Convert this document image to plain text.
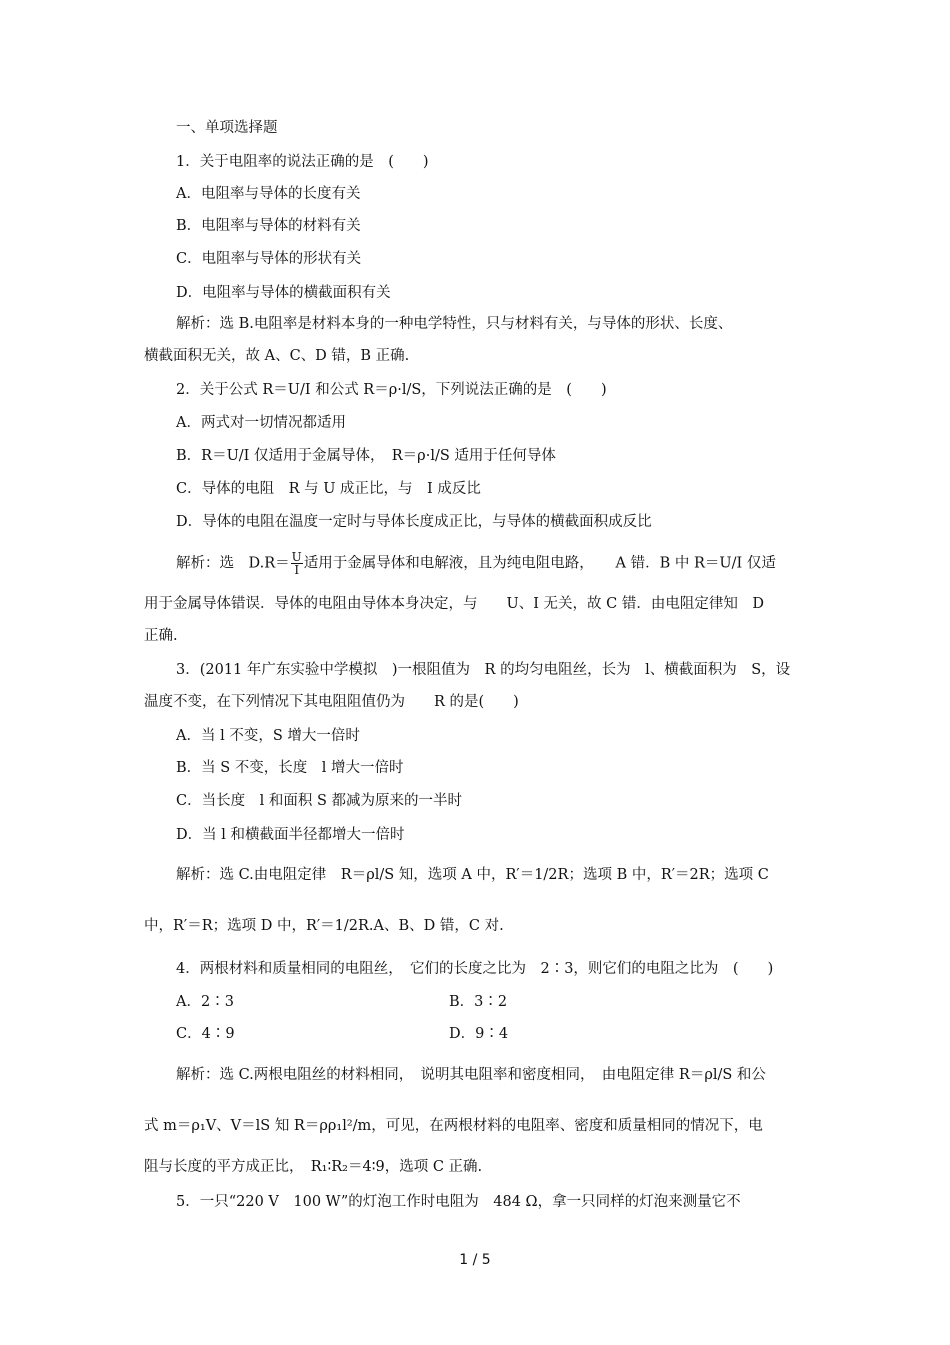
一、单项选择题
1．关于电阻率的说法正确的是　(　　)
A．电阻率与导体的长度有关
B．电阻率与导体的材料有关
C．电阻率与导体的形状有关
D．电阻率与导体的横截面积有关
解析：选 B.电阻率是材料本身的一种电学特性，只与材料有关，与导体的形状、长度、
横截面积无关，故 A、C、D 错，B 正确.
2．关于公式 R＝U/I 和公式 R＝ρ·l/S，下列说法正确的是　(　　)
A．两式对一切情况都适用
B．R＝U/I 仅适用于金属导体，　R＝ρ·l/S 适用于任何导体
C．导体的电阻　R 与 U 成正比，与　I 成反比
D．导体的电阻在温度一定时与导体长度成正比，与导体的横截面积成反比
解析：选　$D.R= \frac{U}{I}$ 适用于金属导体和电解液，且为纯电阻电路，　　A 错．B 中 R＝U/I 仅适
用于金属导体错误．导体的电阻由导体本身决定，与　　U、I 无关，故 C 错．由电阻定律知　D
正确.
3．(2011 年广东实验中学模拟　)一根阻值为　R 的均匀电阻丝，长为　l、横截面积为　S，设
温度不变，在下列情况下其电阻阻值仍为　　R 的是(　　)
A．当 l 不变，S 增大一倍时
B．当 S 不变，长度　l 增大一倍时
C．当长度　l 和面积 S 都减为原来的一半时
D．当 l 和横截面半径都增大一倍时
解析：选 C.由电阻定律　R＝ρl/S 知，选项 A 中，R′＝1/2R；选项 B 中，R′＝2R；选项 C
中，R′＝R；选项 D 中，R′＝1/2R.A、B、D 错，C 对.
4．两根材料和质量相同的电阻丝，　它们的长度之比为　2∶3，则它们的电阻之比为　(　　)
A．2∶3	B．3∶2
C．4∶9	D．9∶4
解析：选 C.两根电阻丝的材料相同，　说明其电阻率和密度相同，　由电阻定律 R＝ρl/S 和公
式 m＝ρ₁V、V＝lS 知 R＝ρρ₁l²/m，可见，在两根材料的电阻率、密度和质量相同的情况下，电
阻与长度的平方成正比，　R₁∶R₂＝4∶9，选项 C 正确.
5．一只“220 V　100 W”的灯泡工作时电阻为　484 Ω，拿一只同样的灯泡来测量它不
1 / 5
